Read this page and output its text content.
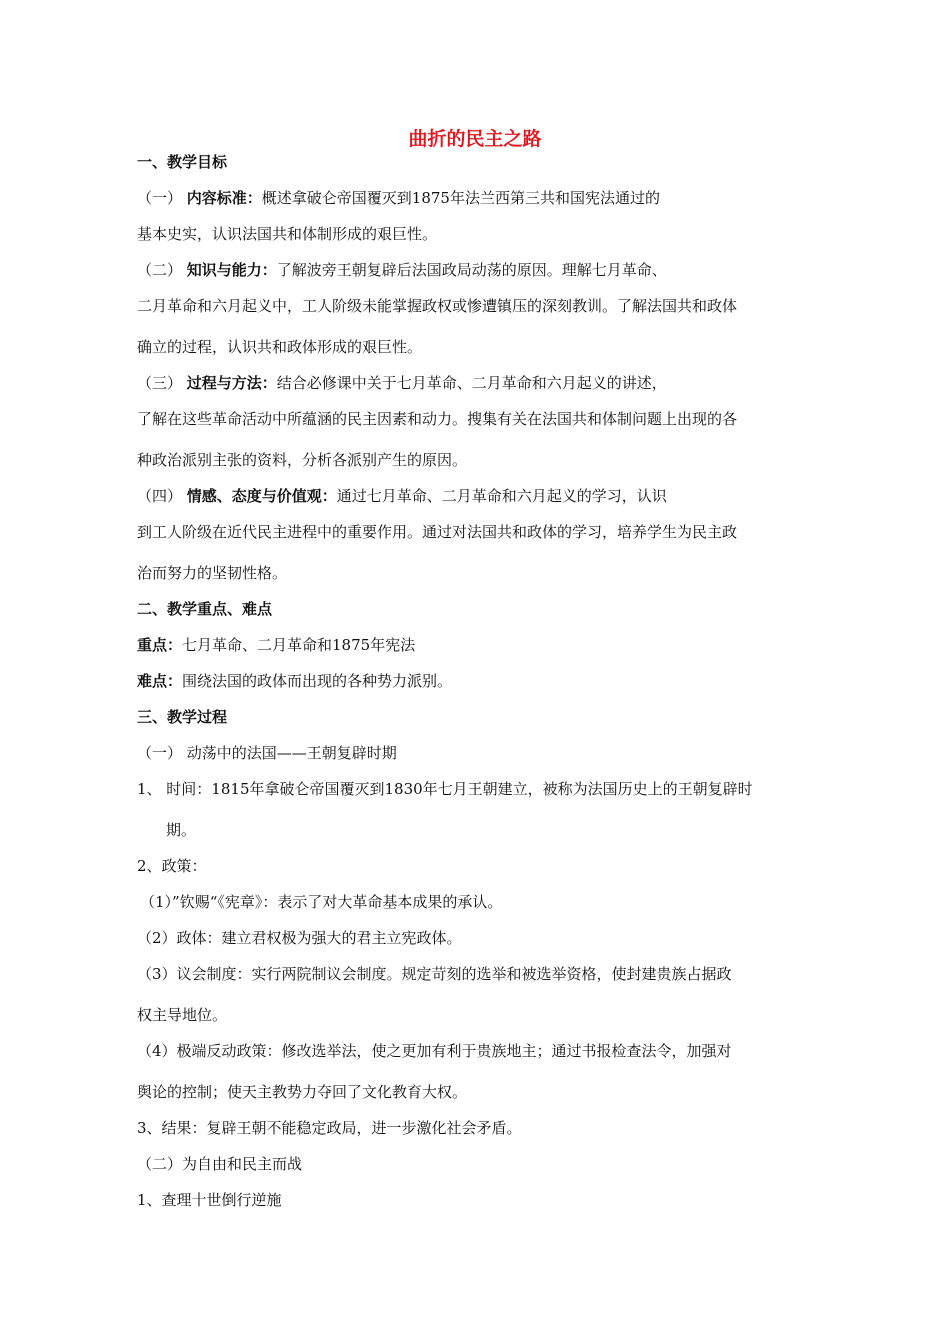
曲折的民主之路
一、教学目标
（一） 内容标准：概述拿破仑帝国覆灭到1875年法兰西第三共和国宪法通过的
基本史实，认识法国共和体制形成的艰巨性。
（二） 知识与能力：了解波旁王朝复辟后法国政局动荡的原因。理解七月革命、
二月革命和六月起义中，工人阶级未能掌握政权或惨遭镇压的深刻教训。了解法国共和政体
确立的过程，认识共和政体形成的艰巨性。
（三） 过程与方法：结合必修课中关于七月革命、二月革命和六月起义的讲述，
了解在这些革命活动中所蕴涵的民主因素和动力。搜集有关在法国共和体制问题上出现的各
种政治派别主张的资料，分析各派别产生的原因。
（四） 情感、态度与价值观：通过七月革命、二月革命和六月起义的学习，认识
到工人阶级在近代民主进程中的重要作用。通过对法国共和政体的学习，培养学生为民主政
治而努力的坚韧性格。
二、教学重点、难点
重点：七月革命、二月革命和1875年宪法
难点：围绕法国的政体而出现的各种势力派别。
三、教学过程
（一） 动荡中的法国——王朝复辟时期
1、 时间：1815年拿破仑帝国覆灭到1830年七月王朝建立，被称为法国历史上的王朝复辟时
期。
2、政策：
（1）”钦赐“《宪章》：表示了对大革命基本成果的承认。
（2）政体：建立君权极为强大的君主立宪政体。
（3）议会制度：实行两院制议会制度。规定苛刻的选举和被选举资格，使封建贵族占据政
权主导地位。
（4）极端反动政策：修改选举法，使之更加有利于贵族地主；通过书报检查法令，加强对
舆论的控制；使天主教势力夺回了文化教育大权。
3、结果：复辟王朝不能稳定政局，进一步激化社会矛盾。
（二）为自由和民主而战
1、查理十世倒行逆施
